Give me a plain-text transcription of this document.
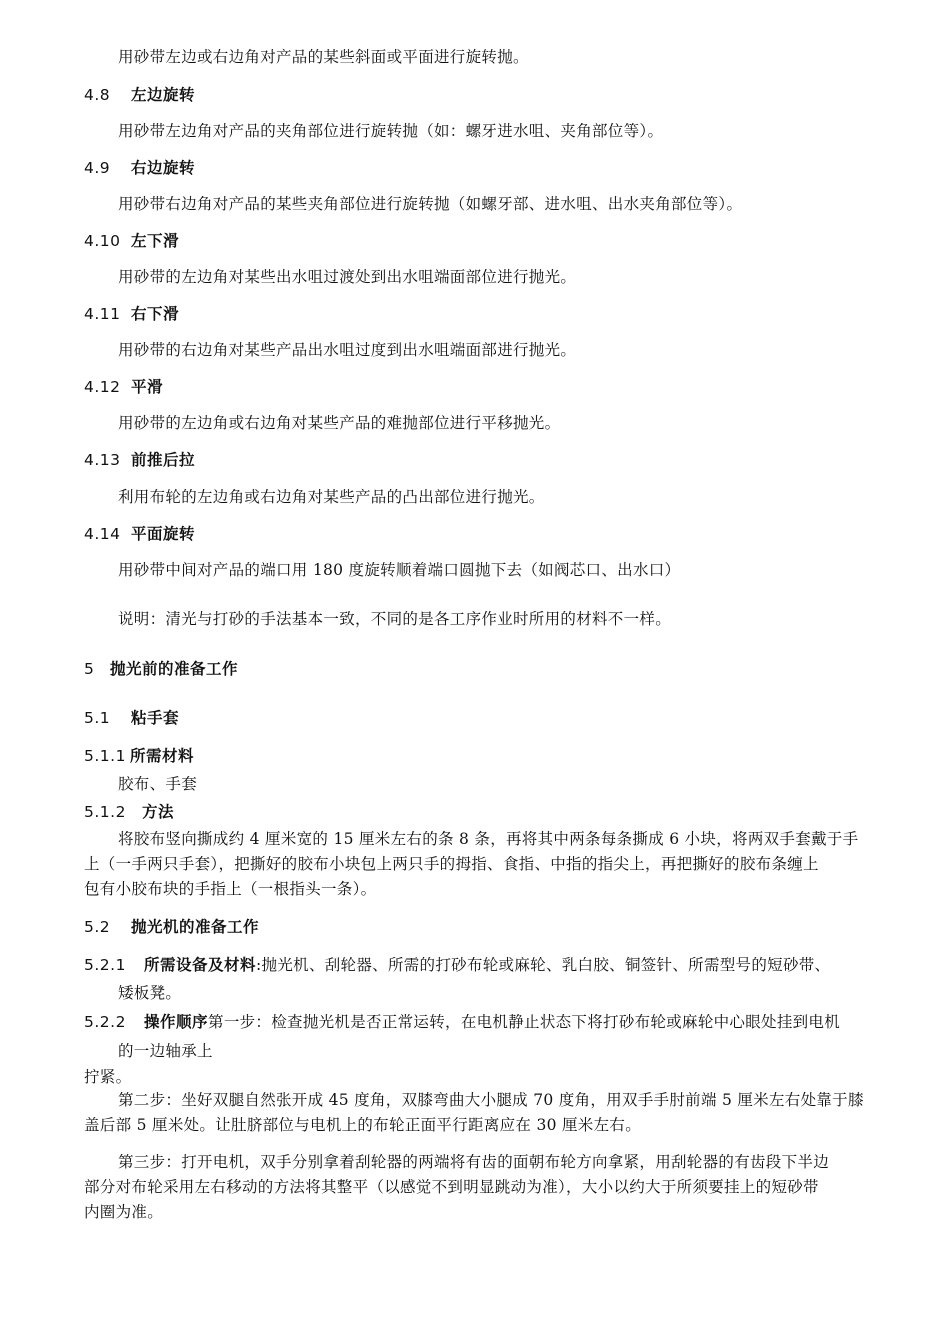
用砂带左边或右边角对产品的某些斜面或平面进行旋转抛。
4.8 左边旋转
用砂带左边角对产品的夹角部位进行旋转抛（如：螺牙进水咀、夹角部位等）。
4.9 右边旋转
用砂带右边角对产品的某些夹角部位进行旋转抛（如螺牙部、进水咀、出水夹角部位等）。
4.10 左下滑
用砂带的左边角对某些出水咀过渡处到出水咀端面部位进行抛光。
4.11 右下滑
用砂带的右边角对某些产品出水咀过度到出水咀端面部进行抛光。
4.12 平滑
用砂带的左边角或右边角对某些产品的难抛部位进行平移抛光。
4.13 前推后拉
利用布轮的左边角或右边角对某些产品的凸出部位进行抛光。
4.14 平面旋转
用砂带中间对产品的端口用 180 度旋转顺着端口圆抛下去（如阀芯口、出水口）
说明：清光与打砂的手法基本一致，不同的是各工序作业时所用的材料不一样。
5 抛光前的准备工作
5.1 粘手套
5.1.1 所需材料
胶布、手套
5.1.2 方法
将胶布竖向撕成约 4 厘米宽的 15 厘米左右的条 8 条，再将其中两条每条撕成 6 小块，将两双手套戴于手
上（一手两只手套），把撕好的胶布小块包上两只手的拇指、食指、中指的指尖上，再把撕好的胶布条缠上
包有小胶布块的手指上（一根指头一条）。
5.2 抛光机的准备工作
5.2.1 所需设备及材料:抛光机、刮轮器、所需的打砂布轮或麻轮、乳白胶、铜签针、所需型号的短砂带、
矮板凳。
5.2.2 操作顺序第一步：检查抛光机是否正常运转，在电机静止状态下将打砂布轮或麻轮中心眼处挂到电机
的一边轴承上
拧紧。
第二步：坐好双腿自然张开成 45 度角，双膝弯曲大小腿成 70 度角，用双手手肘前端 5 厘米左右处靠于膝
盖后部 5 厘米处。让肚脐部位与电机上的布轮正面平行距离应在 30 厘米左右。
第三步：打开电机，双手分别拿着刮轮器的两端将有齿的面朝布轮方向拿紧，用刮轮器的有齿段下半边
部分对布轮采用左右移动的方法将其整平（以感觉不到明显跳动为准），大小以约大于所须要挂上的短砂带
内圈为准。
